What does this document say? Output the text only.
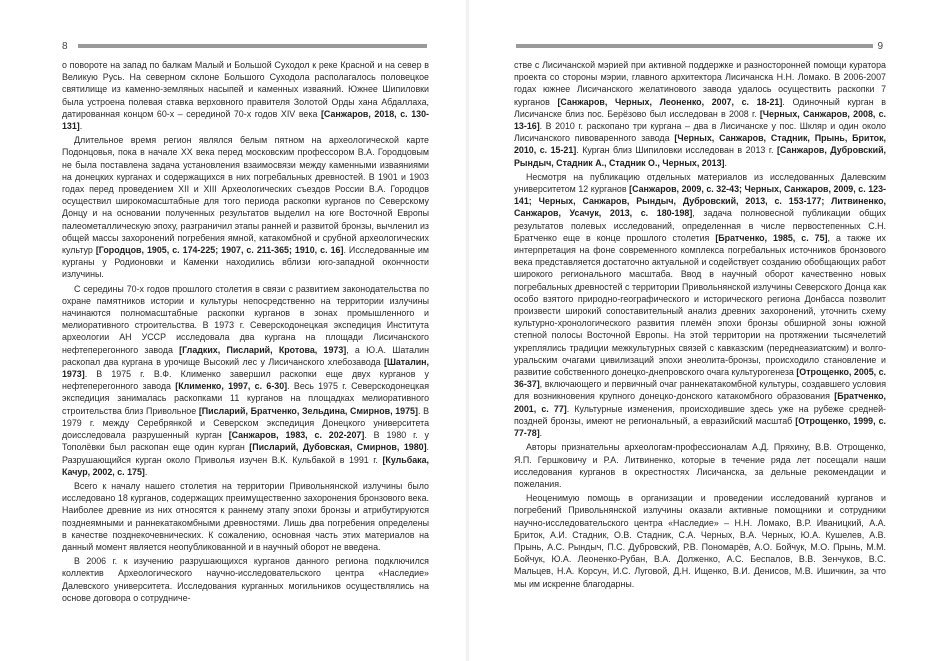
8

о повороте на запад по балкам Малый и Большой Суходол к реке Красной и на север в Великую Русь. На северном склоне Большого Суходола располагалось половецкое святилище из каменно-земляных насыпей и каменных изваяний. Южнее Шипиловки была устроена полевая ставка верховного правителя Золотой Орды хана Абдаллаха, датированная концом 60-х – серединой 70-х годов XIV века [Санжаров, 2018, с. 130-131].

Длительное время регион являлся белым пятном на археологической карте Подонцовья, пока в начале XX века перед московским профессором В.А. Городцовым не была поставлена задача установления взаимосвязи между каменными изваяниями на донецких курганах и содержащихся в них погребальных древностей. В 1901 и 1903 годах перед проведением XII и XIII Археологических съездов России В.А. Городцов осуществил широкомасштабные для того периода раскопки курганов по Северскому Донцу и на основании полученных результатов выделил на юге Восточной Европы палеометаллическую эпоху, разграничил этапы ранней и развитой бронзы, вычленил из общей массы захоронений погребения ямной, катакомбной и срубной археологических культур [Городцов, 1905, с. 174-225; 1907, с. 211-365; 1910, с. 16]. Исследованные им курганы у Родионовки и Каменки находились вблизи юго-западной окончности излучины.

С середины 70-х годов прошлого столетия в связи с развитием законодательства по охране памятников истории и культуры непосредственно на территории излучины начинаются полномасштабные раскопки курганов в зонах промышленного и мелиоративного строительства. В 1973 г. Северскодонецкая экспедиция Института археологии АН УССР исследовала два кургана на площади Лисичанского нефтеперегонного завода [Гладких, Писларий, Кротова, 1973], а Ю.А. Шаталин раскопал два кургана в урочище Высокий лес у Лисичанского хлебозавода [Шаталин, 1973]. В 1975 г. В.Ф. Клименко завершил раскопки еще двух курганов у нефтеперегонного завода [Клименко, 1997, с. 6-30]. Весь 1975 г. Северскодонецкая экспедиция занималась раскопками 11 курганов на площадках мелиоративного строительства близ Привольное [Писларий, Братченко, Зельдина, Смирнов, 1975]. В 1979 г. между Серебрянкой и Северском экспедиция Донецкого университета доисследовала разрушенный курган [Санжаров, 1983, с. 202-207]. В 1980 г. у Тополёвки был раскопан еще один курган [Писларий, Дубовская, Смирнов, 1980]. Разрушающийся курган около Приволья изучен В.К. Кульбакой в 1991 г. [Кульбака, Качур, 2002, с. 175].

Всего к началу нашего столетия на территории Привольнянской излучины было исследовано 18 курганов, содержащих преимущественно захоронения бронзового века. Наиболее древние из них относятся к раннему этапу эпохи бронзы и атрибутируются позднеямными и раннекатакомбными древностями. Лишь два погребения определены в качестве позднекочевнических. К сожалению, основная часть этих материалов на данный момент является неопубликованной и в научный оборот не введена.

В 2006 г. к изучению разрушающихся курганов данного региона подключился коллектив Археологического научно-исследовательского центра «Наследие» Далевского университета. Исследования курганных могильников осуществлялись на основе договора о сотрудниче-

9

стве с Лисичанской мэрией при активной поддержке и разносторонней помощи куратора проекта со стороны мэрии, главного архитектора Лисичанска Н.Н. Ломако. В 2006-2007 годах южнее Лисичанского желатинового завода удалось осуществить раскопки 7 курганов [Санжаров, Черных, Леоненко, 2007, с. 18-21]. Одиночный курган в Лисичанске близ пос. Берёзово был исследован в 2008 г. [Черных, Санжаров, 2008, с. 13-16]. В 2010 г. раскопано три кургана – два в Лисичанске у пос. Шкляр и один около Лисичанского пивоваренного завода [Черных, Санжаров, Стадник, Прынь, Бриток, 2010, с. 15-21]. Курган близ Шипиловки исследован в 2013 г. [Санжаров, Дубровский, Рындыч, Стадник А., Стадник О., Черных, 2013].

Несмотря на публикацию отдельных материалов из исследованных Далевским университетом 12 курганов [Санжаров, 2009, с. 32-43; Черных, Санжаров, 2009, с. 123-141; Черных, Санжаров, Рындыч, Дубровский, 2013, с. 153-177; Литвиненко, Санжаров, Усачук, 2013, с. 180-198], задача полновесной публикации общих результатов полевых исследований, определенная в числе первостепенных С.Н. Братченко еще в конце прошлого столетия [Братченко, 1985, с. 75], а также их интерпретация на фоне современного комплекса погребальных источников бронзового века представляется достаточно актуальной и содействует созданию обобщающих работ широкого регионального масштаба. Ввод в научный оборот качественно новых погребальных древностей с территории Привольнянской излучины Северского Донца как особо взятого природно-географического и исторического региона Донбасса позволит произвести широкий сопоставительный анализ древних захоронений, уточнить схему культурно-хронологического развития племён эпохи бронзы обширной зоны южной степной полосы Восточной Европы. На этой территории на протяжении тысячелетий укреплялись традиции межкультурных связей с кавказским (переднеазиатским) и волго-уральским очагами цивилизаций эпохи энеолита-бронзы, происходило становление и развитие собственного донецко-днепровского очага культурогенеза [Отрощенко, 2005, с. 36-37], включающего и первичный очаг раннекатакомбной культуры, создавшего условия для возникновения крупного донецко-донского катакомбного образования [Братченко, 2001, с. 77]. Культурные изменения, происходившие здесь уже на рубеже средней-поздней бронзы, имеют не региональный, а евразийский масштаб [Отрощенко, 1999, с. 77-78].

Авторы признательны археологам-профессионалам А.Д. Пряхину, В.В. Отрощенко, Я.П. Гершковичу и Р.А. Литвиненко, которые в течение ряда лет посещали наши исследования курганов в окрестностях Лисичанска, за дельные рекомендации и пожелания.

Неоценимую помощь в организации и проведении исследований курганов и погребений Привольнянской излучины оказали активные помощники и сотрудники научно-исследовательского центра «Наследие» – Н.Н. Ломако, В.Р. Иваницкий, А.А. Бриток, А.И. Стадник, О.В. Стадник, С.А. Черных, В.А. Черных, Ю.А. Кушелев, А.В. Прынь, А.С. Рындыч, П.С. Дубровский, Р.В. Пономарёв, А.О. Бойчук, М.О. Прынь, М.М. Бойчук, Ю.А. Леоненко-Рубан, В.А. Долженко, А.С. Беспалов, В.В. Зенчуков, В.С. Мальцев, Н.А. Корсун, И.С. Луговой, Д.Н. Ищенко, В.И. Денисов, М.В. Ишичкин, за что мы им искренне благодарны.
